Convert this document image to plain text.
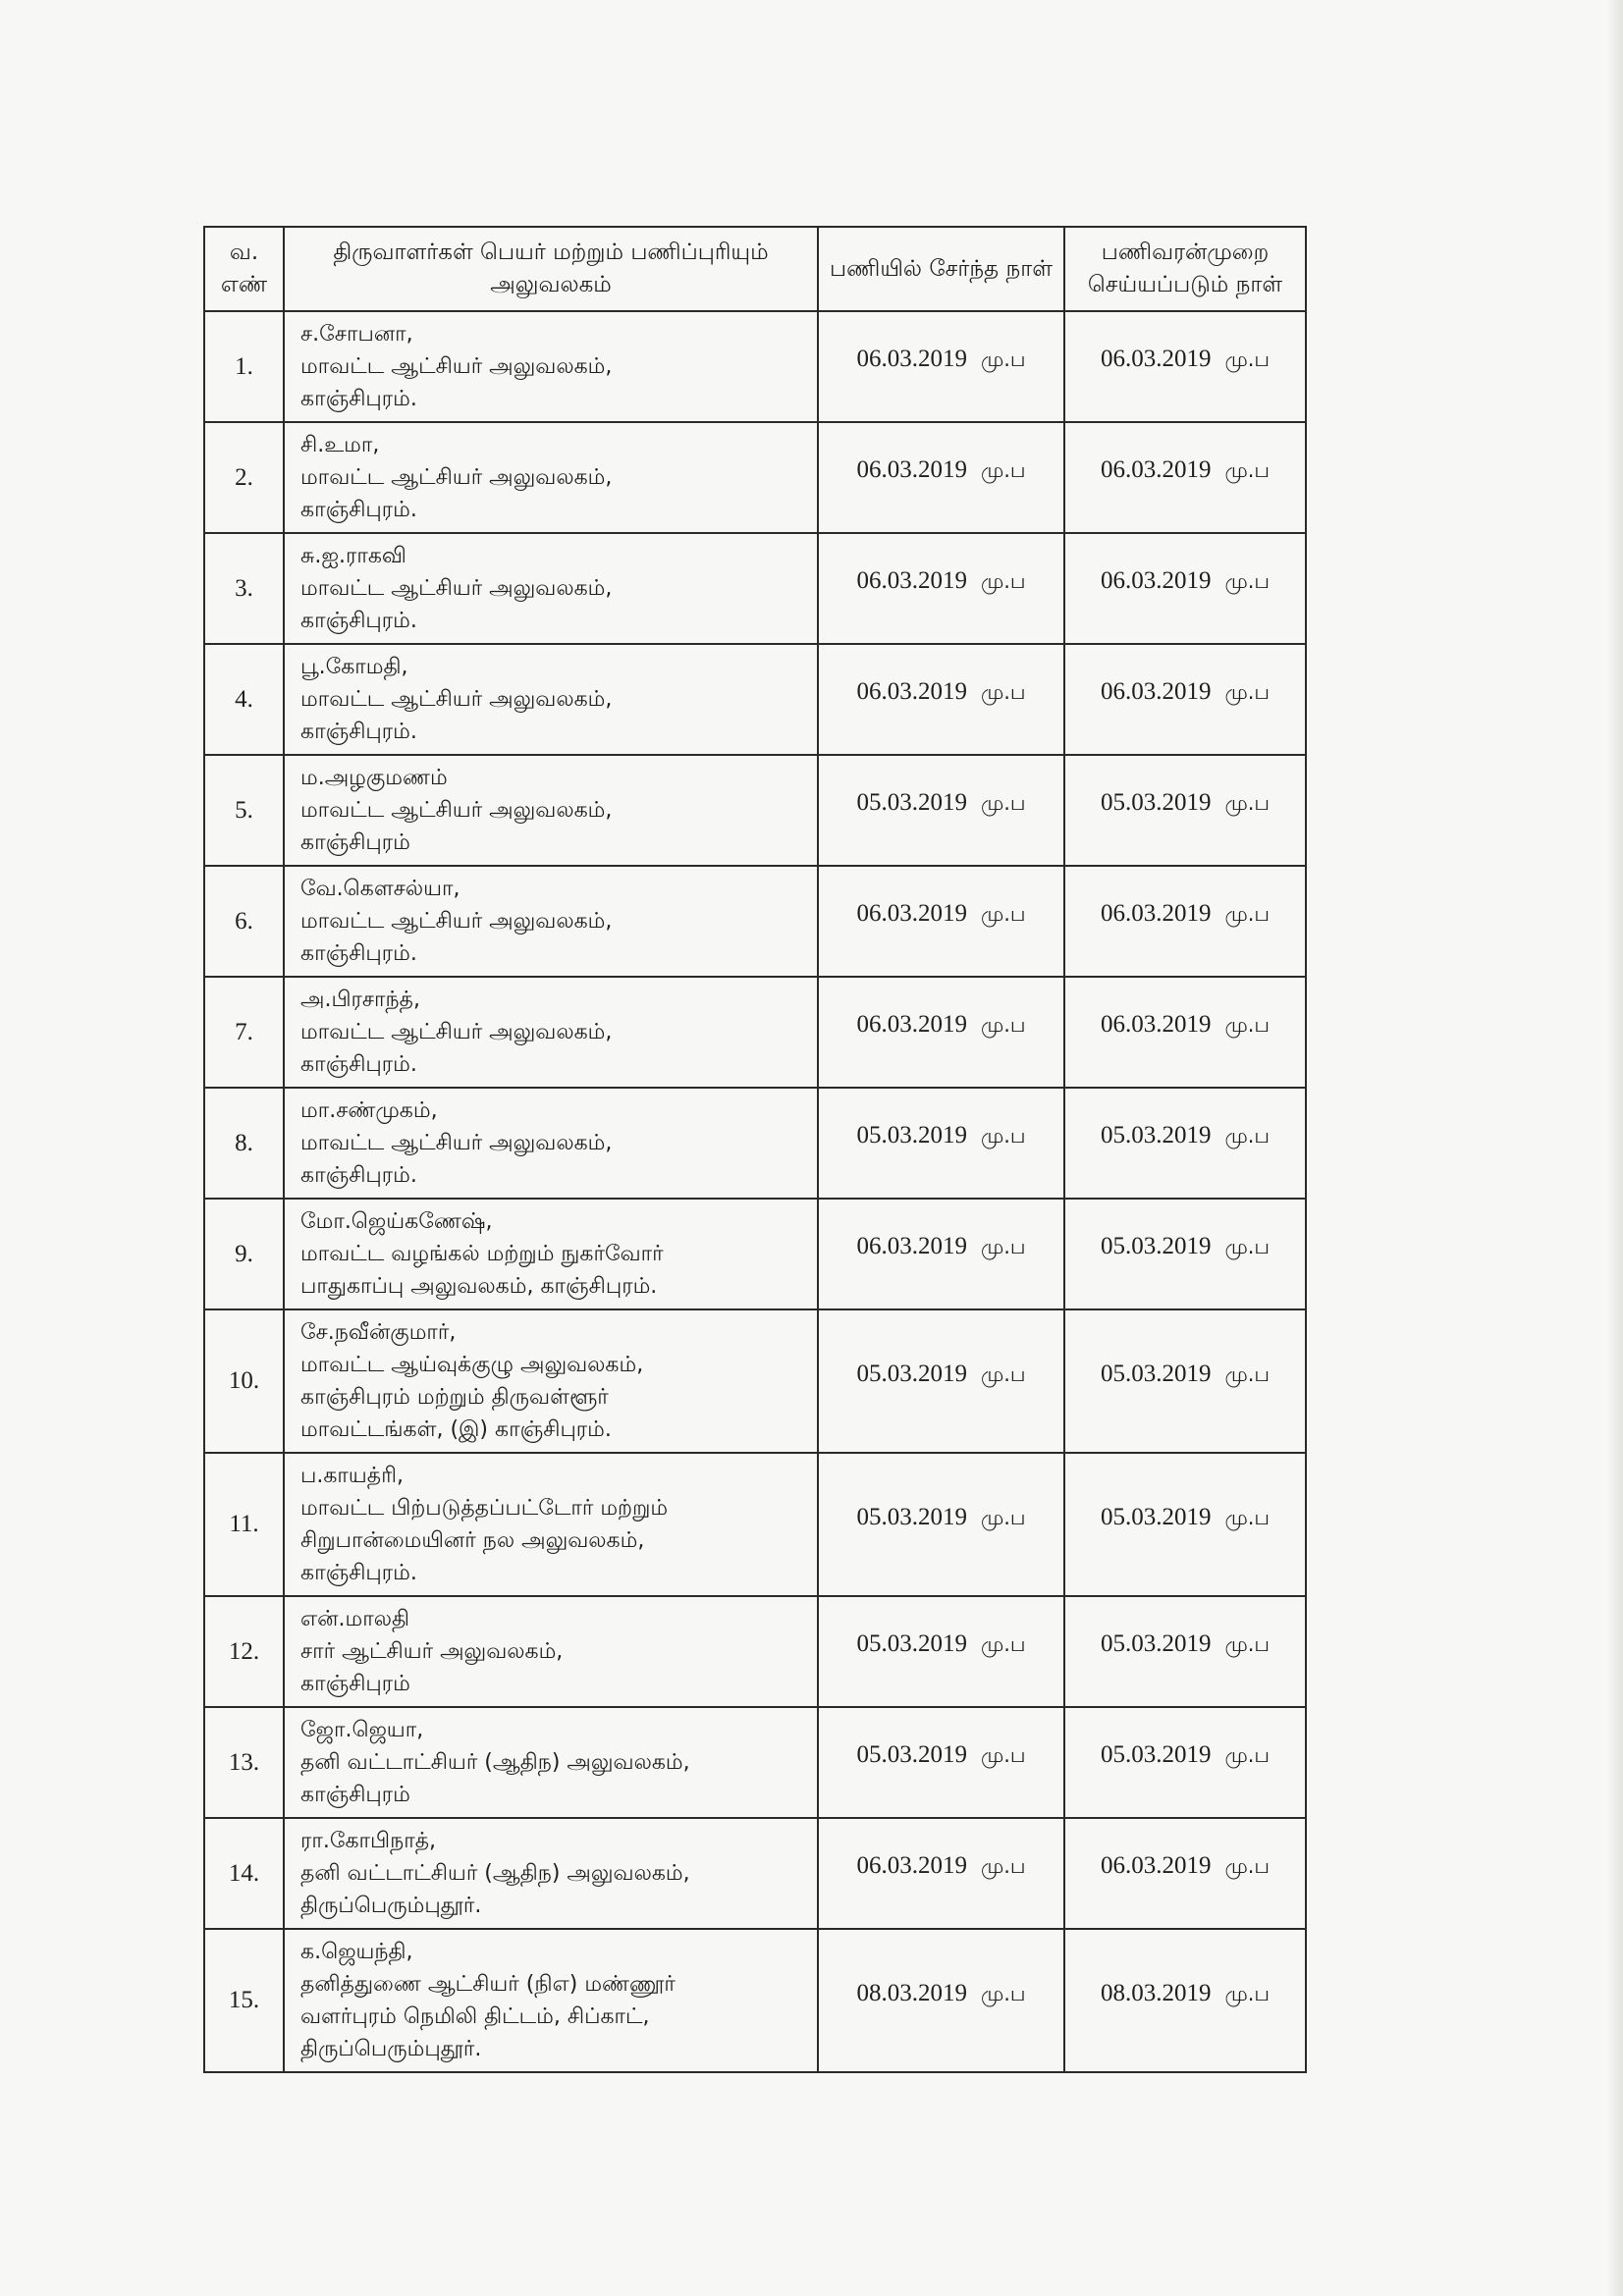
வ. எண்	திருவாளர்கள் பெயர் மற்றும் பணிப்புரியும் அலுவலகம்	பணியில் சேர்ந்த நாள்	பணிவரன்முறை செய்யப்படும் நாள்
1.	ச.சோபனா,
மாவட்ட ஆட்சியர் அலுவலகம்,
காஞ்சிபுரம்.	06.03.2019 மு.ப	06.03.2019 மு.ப
2.	சி.உமா,
மாவட்ட ஆட்சியர் அலுவலகம்,
காஞ்சிபுரம்.	06.03.2019 மு.ப	06.03.2019 மு.ப
3.	சு.ஐ.ராகவி
மாவட்ட ஆட்சியர் அலுவலகம்,
காஞ்சிபுரம்.	06.03.2019 மு.ப	06.03.2019 மு.ப
4.	பூ.கோமதி,
மாவட்ட ஆட்சியர் அலுவலகம்,
காஞ்சிபுரம்.	06.03.2019 மு.ப	06.03.2019 மு.ப
5.	ம.அழகுமணம்
மாவட்ட ஆட்சியர் அலுவலகம்,
காஞ்சிபுரம்	05.03.2019 மு.ப	05.03.2019 மு.ப
6.	வே.கௌசல்யா,
மாவட்ட ஆட்சியர் அலுவலகம்,
காஞ்சிபுரம்.	06.03.2019 மு.ப	06.03.2019 மு.ப
7.	அ.பிரசாந்த்,
மாவட்ட ஆட்சியர் அலுவலகம்,
காஞ்சிபுரம்.	06.03.2019 மு.ப	06.03.2019 மு.ப
8.	மா.சண்முகம்,
மாவட்ட ஆட்சியர் அலுவலகம்,
காஞ்சிபுரம்.	05.03.2019 மு.ப	05.03.2019 மு.ப
9.	மோ.ஜெய்கணேஷ்,
மாவட்ட வழங்கல் மற்றும் நுகர்வோர்
பாதுகாப்பு அலுவலகம், காஞ்சிபுரம்.	06.03.2019 மு.ப	05.03.2019 மு.ப
10.	சே.நவீன்குமார்,
மாவட்ட ஆய்வுக்குழு அலுவலகம்,
காஞ்சிபுரம் மற்றும் திருவள்ளூர்
மாவட்டங்கள், (இ) காஞ்சிபுரம்.	05.03.2019 மு.ப	05.03.2019 மு.ப
11.	ப.காயத்ரி,
மாவட்ட பிற்படுத்தப்பட்டோர் மற்றும்
சிறுபான்மையினர் நல அலுவலகம்,
காஞ்சிபுரம்.	05.03.2019 மு.ப	05.03.2019 மு.ப
12.	என்.மாலதி
சார் ஆட்சியர் அலுவலகம்,
காஞ்சிபுரம்	05.03.2019 மு.ப	05.03.2019 மு.ப
13.	ஜோ.ஜெயா,
தனி வட்டாட்சியர் (ஆதிந) அலுவலகம்,
காஞ்சிபுரம்	05.03.2019 மு.ப	05.03.2019 மு.ப
14.	ரா.கோபிநாத்,
தனி வட்டாட்சியர் (ஆதிந) அலுவலகம்,
திருப்பெரும்புதூர்.	06.03.2019 மு.ப	06.03.2019 மு.ப
15.	க.ஜெயந்தி,
தனித்துணை ஆட்சியர் (நிஎ) மண்ணூர்
வளர்புரம் நெமிலி திட்டம், சிப்காட்,
திருப்பெரும்புதூர்.	08.03.2019 மு.ப	08.03.2019 மு.ப
